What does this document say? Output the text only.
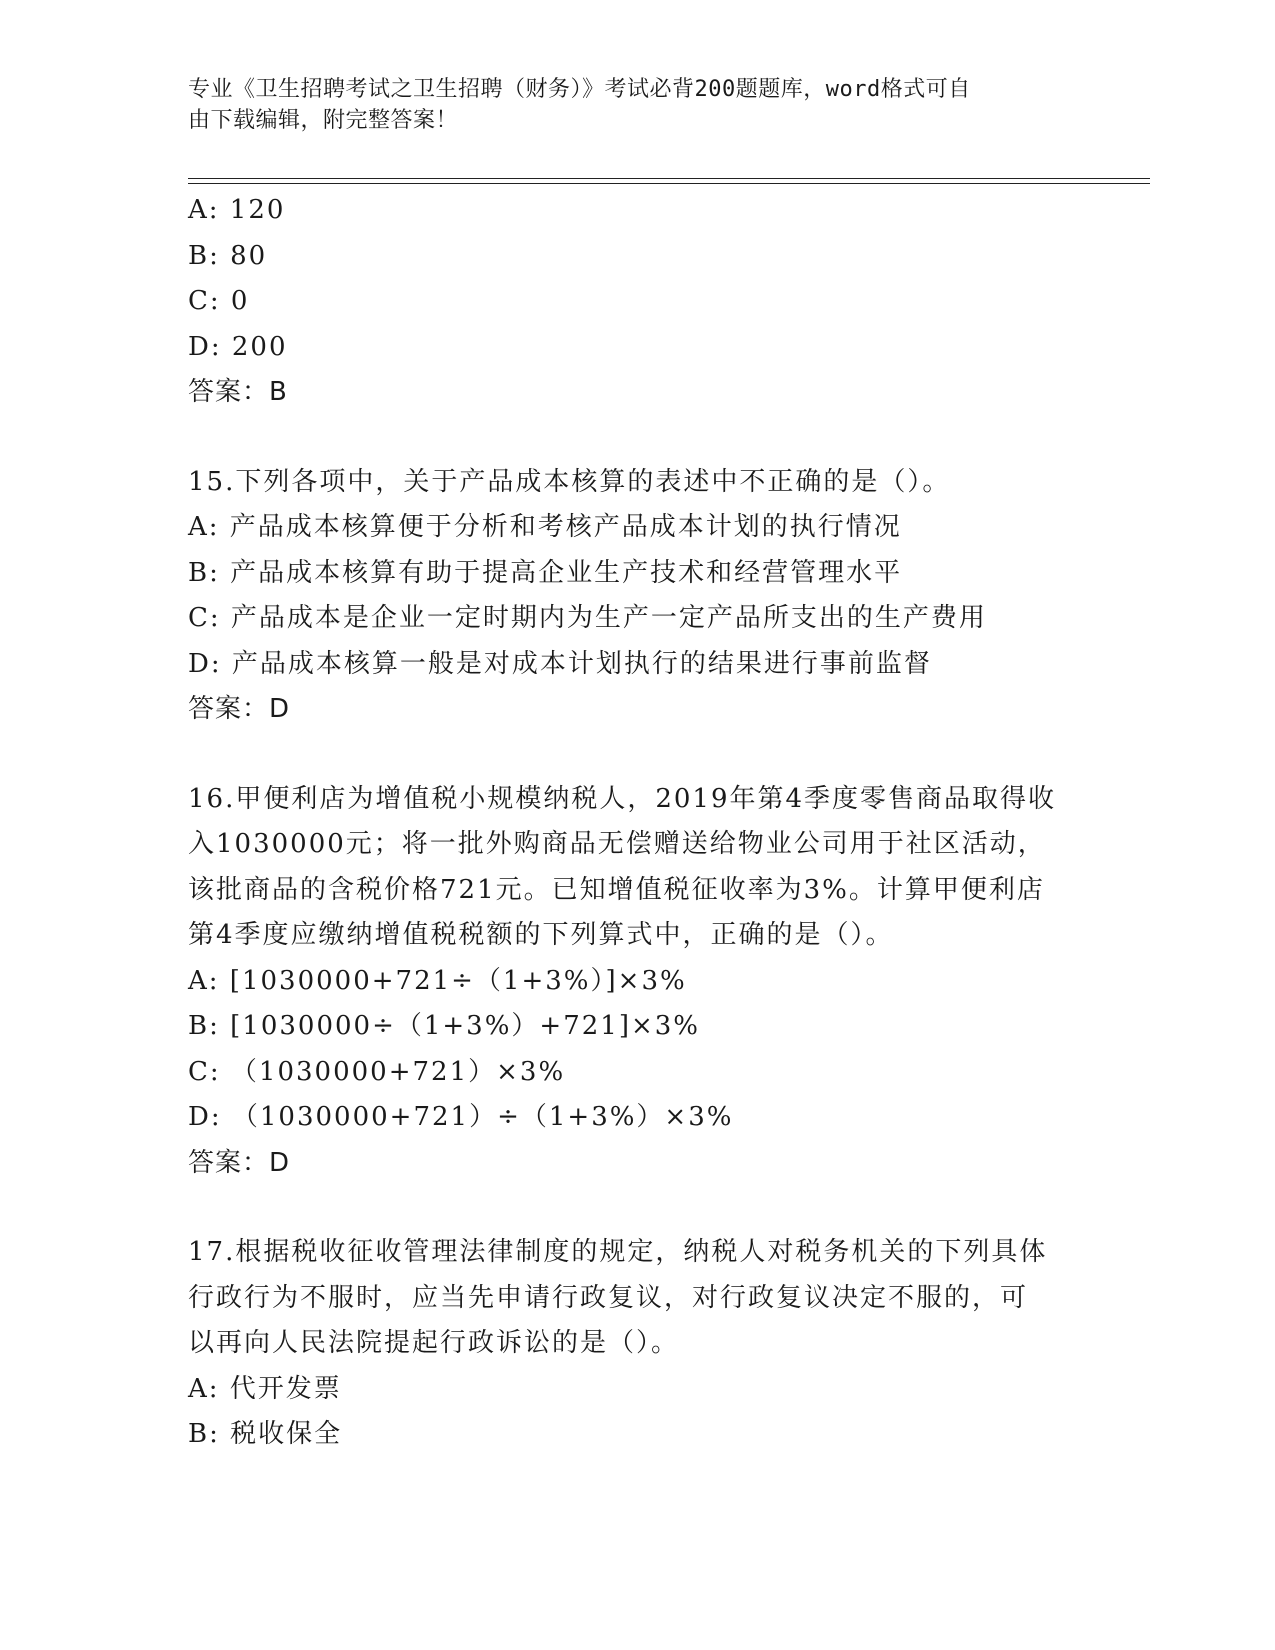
专业《卫生招聘考试之卫生招聘（财务）》考试必背200题题库，word格式可自
由下载编辑，附完整答案！
A: 120
B: 80
C: 0
D: 200
答案：B
15.下列各项中，关于产品成本核算的表述中不正确的是（）。
A: 产品成本核算便于分析和考核产品成本计划的执行情况
B: 产品成本核算有助于提高企业生产技术和经营管理水平
C: 产品成本是企业一定时期内为生产一定产品所支出的生产费用
D: 产品成本核算一般是对成本计划执行的结果进行事前监督
答案：D
16.甲便利店为增值税小规模纳税人，2019年第4季度零售商品取得收
入1030000元；将一批外购商品无偿赠送给物业公司用于社区活动，
该批商品的含税价格721元。已知增值税征收率为3%。计算甲便利店
第4季度应缴纳增值税税额的下列算式中，正确的是（）。
A: [1030000+721÷（1+3%）]×3%
B: [1030000÷（1+3%）+721]×3%
C: （1030000+721）×3%
D: （1030000+721）÷（1+3%）×3%
答案：D
17.根据税收征收管理法律制度的规定，纳税人对税务机关的下列具体
行政行为不服时，应当先申请行政复议，对行政复议决定不服的，可
以再向人民法院提起行政诉讼的是（）。
A: 代开发票
B: 税收保全
